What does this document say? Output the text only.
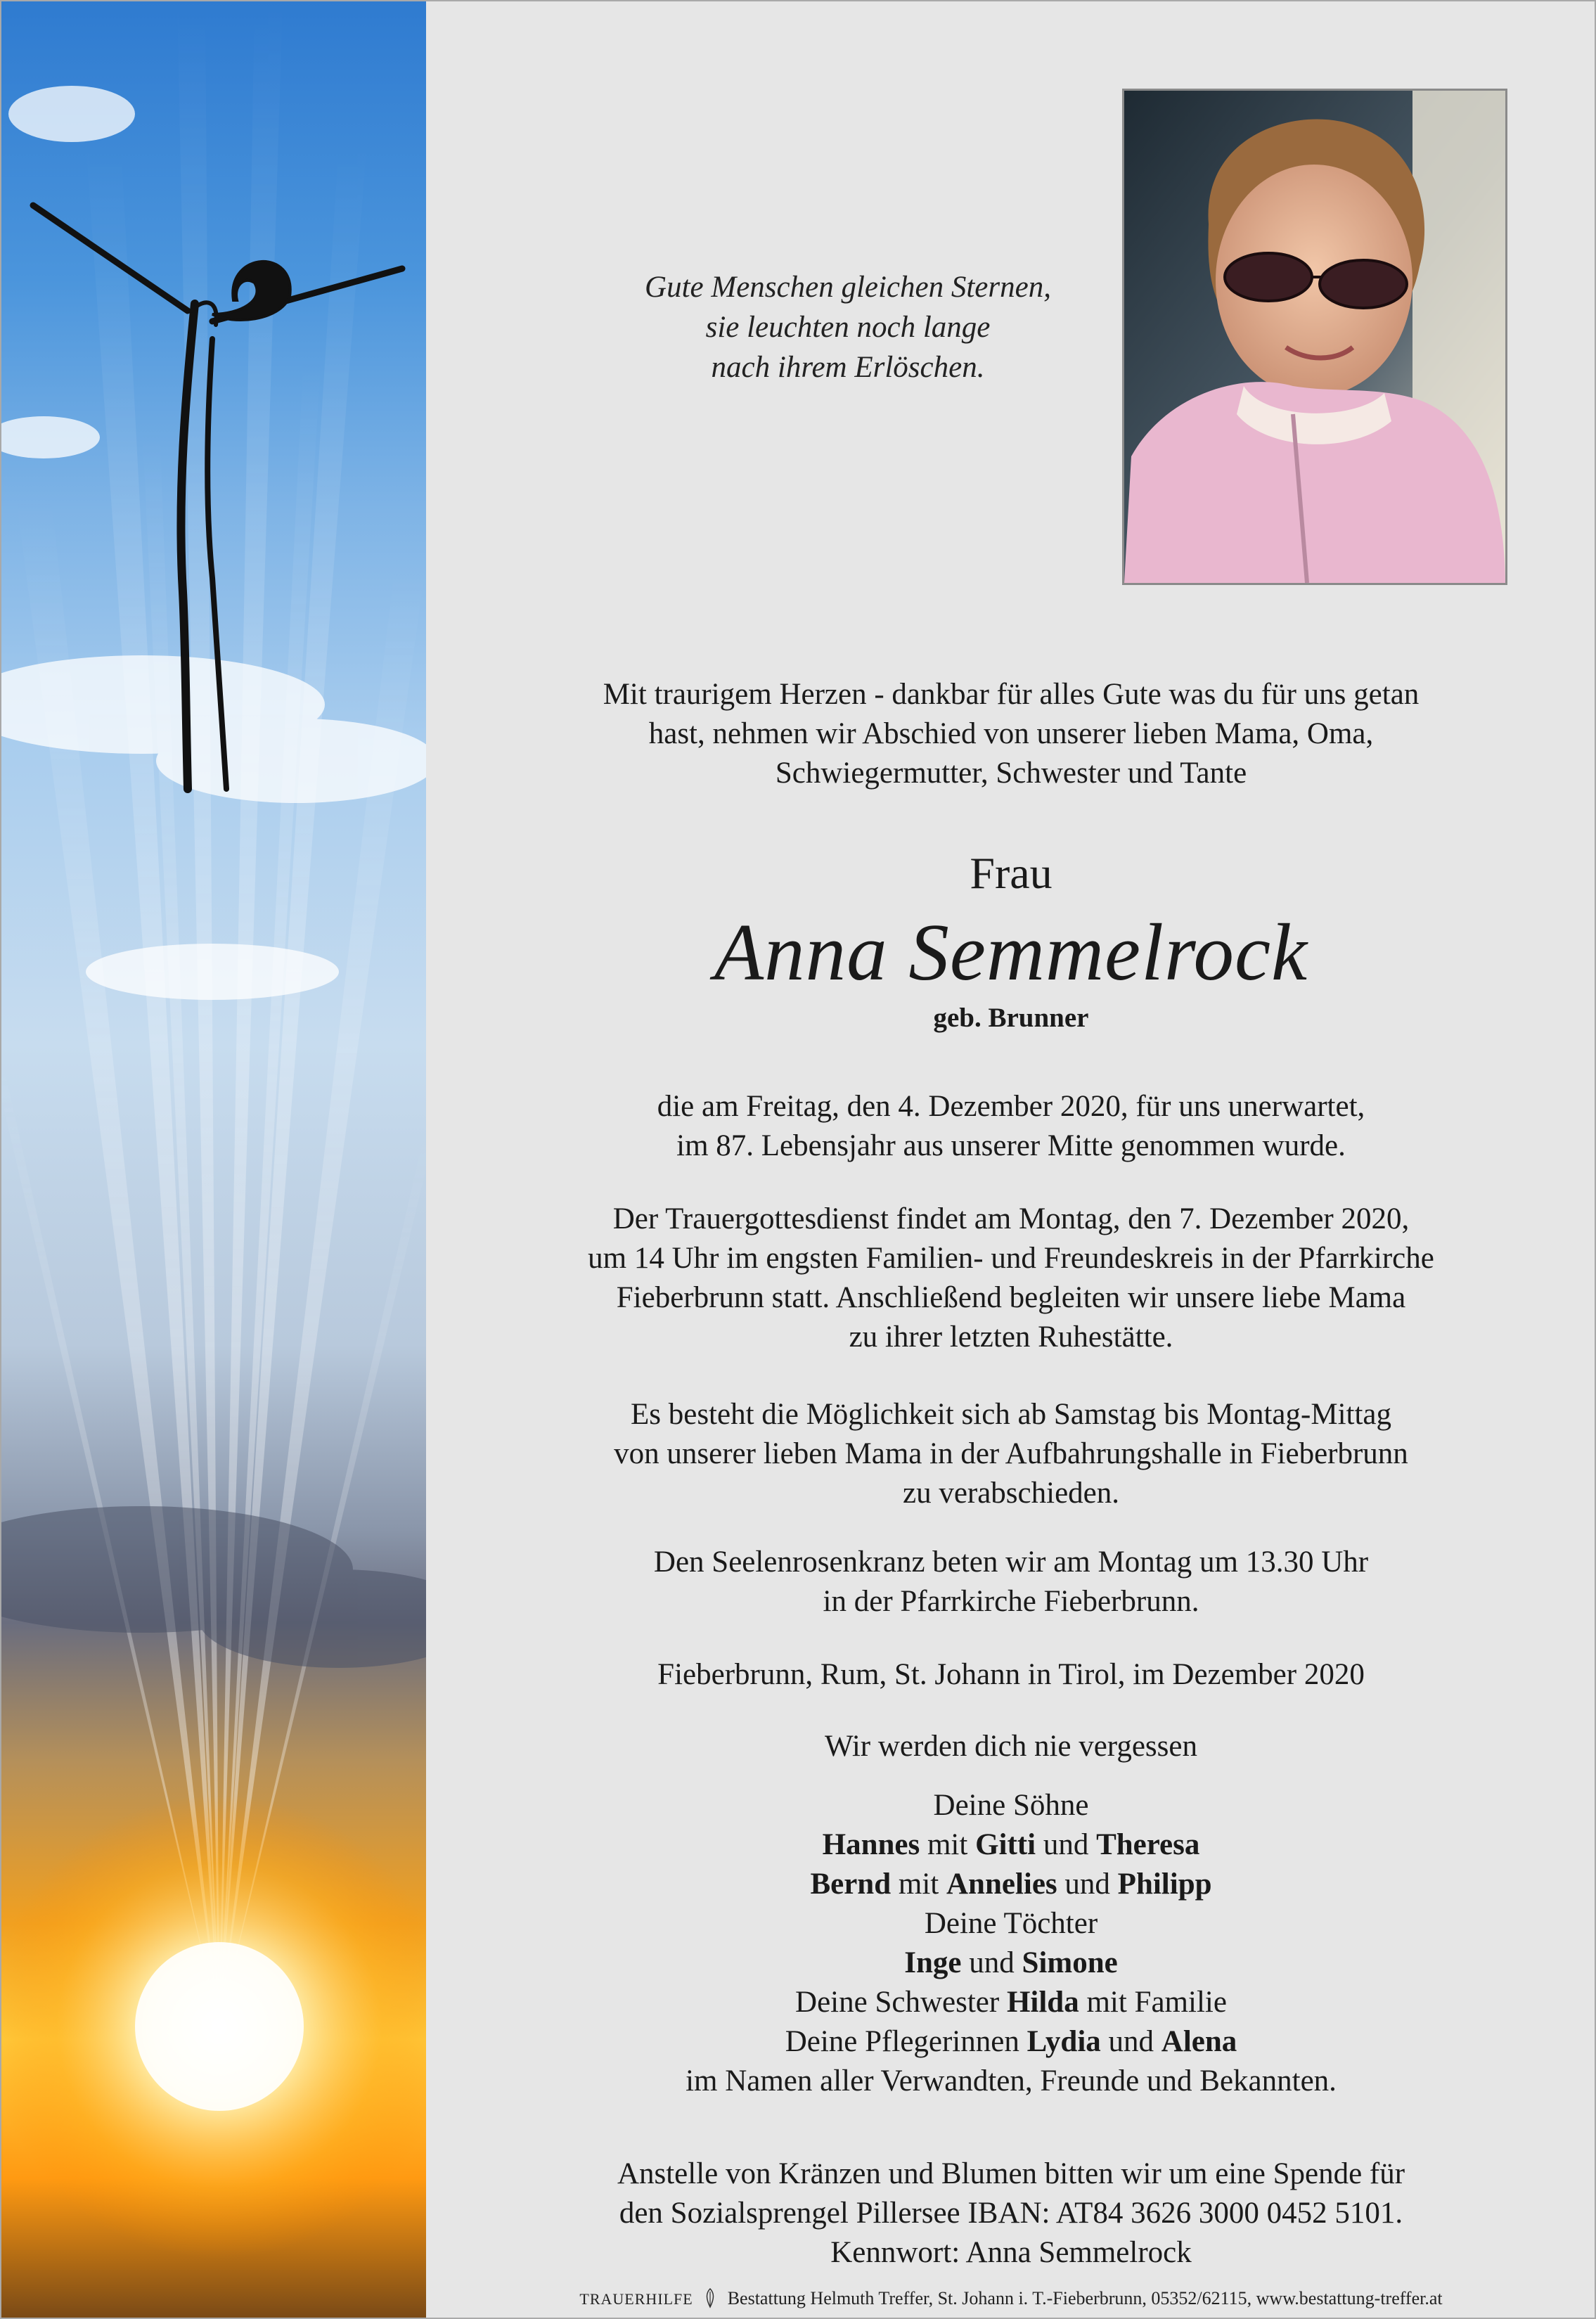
Gute Menschen gleichen Sternen,
sie leuchten noch lange
nach ihrem Erlöschen.
Mit traurigem Herzen - dankbar für alles Gute was du für uns getan
hast, nehmen wir Abschied von unserer lieben Mama, Oma,
Schwiegermutter, Schwester und Tante
Frau
Anna Semmelrock
geb. Brunner
die am Freitag, den 4. Dezember 2020, für uns unerwartet,
im 87. Lebensjahr aus unserer Mitte genommen wurde.
Der Trauergottesdienst findet am Montag, den 7. Dezember 2020,
um 14 Uhr im engsten Familien- und Freundeskreis in der Pfarrkirche
Fieberbrunn statt. Anschließend begleiten wir unsere liebe Mama
zu ihrer letzten Ruhestätte.
Es besteht die Möglichkeit sich ab Samstag bis Montag-Mittag
von unserer lieben Mama in der Aufbahrungshalle in Fieberbrunn
zu verabschieden.
Den Seelenrosenkranz beten wir am Montag um 13.30 Uhr
in der Pfarrkirche Fieberbrunn.
Fieberbrunn, Rum, St. Johann in Tirol, im Dezember 2020
Wir werden dich nie vergessen
Deine Söhne
Hannes mit Gitti und Theresa
Bernd mit Annelies und Philipp
Deine Töchter
Inge und Simone
Deine Schwester Hilda mit Familie
Deine Pflegerinnen Lydia und Alena
im Namen aller Verwandten, Freunde und Bekannten.
Anstelle von Kränzen und Blumen bitten wir um eine Spende für
den Sozialsprengel Pillersee IBAN: AT84 3626 3000 0452 5101.
Kennwort: Anna Semmelrock
TRAUERHILFE Bestattung Helmuth Treffer, St. Johann i. T.-Fieberbrunn, 05352/62115, www.bestattung-treffer.at
